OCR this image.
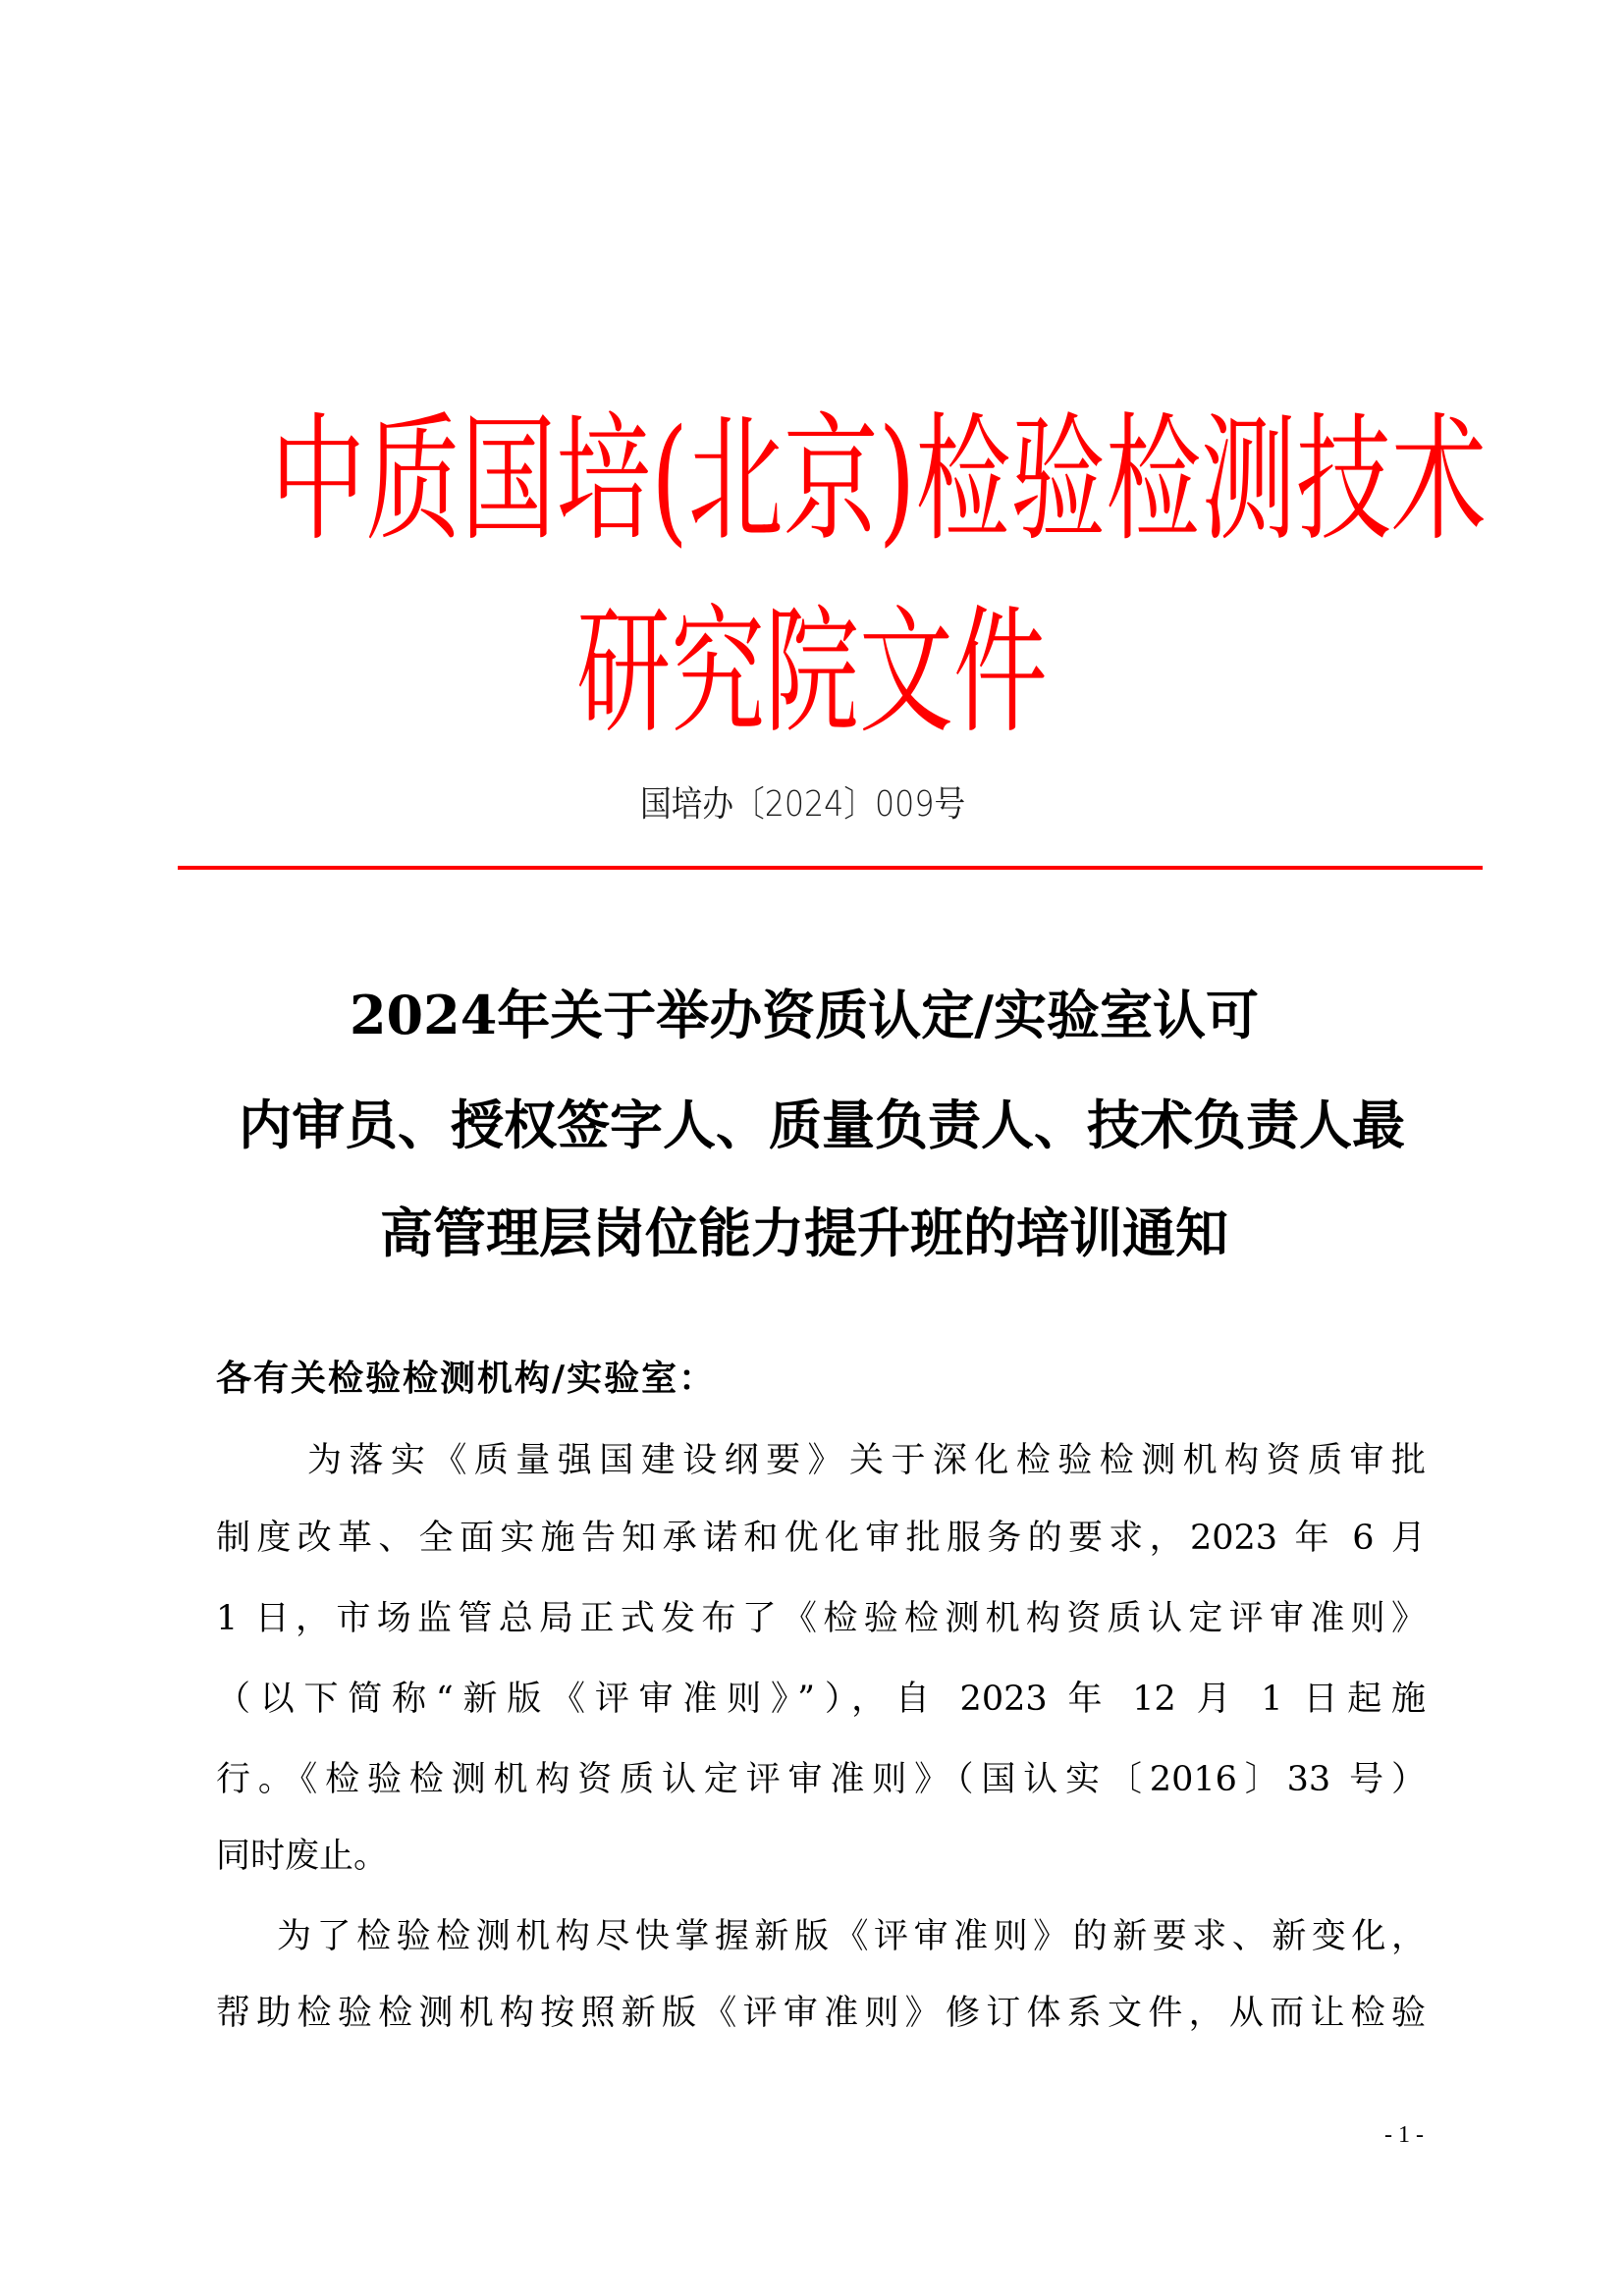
中质国培(北京)检验检测技术
研究院文件
国培办〔2024〕009号
2024年关于举办资质认定/实验室认可
内审员、授权签字人、质量负责人、技术负责人最
高管理层岗位能力提升班的培训通知
各有关检验检测机构/实验室：
为落实《质量强国建设纲要》关于深化检验检测机构资质审批
制度改革、全面实施告知承诺和优化审批服务的要求，2023 年 6 月
1 日，市场监管总局正式发布了《检验检测机构资质认定评审准则》
（以下简称“新版《评审准则》”），自 2023 年 12 月 1 日起施
行。《检验检测机构资质认定评审准则》（国认实〔2016〕33 号）
同时废止。
为了检验检测机构尽快掌握新版《评审准则》的新要求、新变化，
帮助检验检测机构按照新版《评审准则》修订体系文件，从而让检验
- 1 -
